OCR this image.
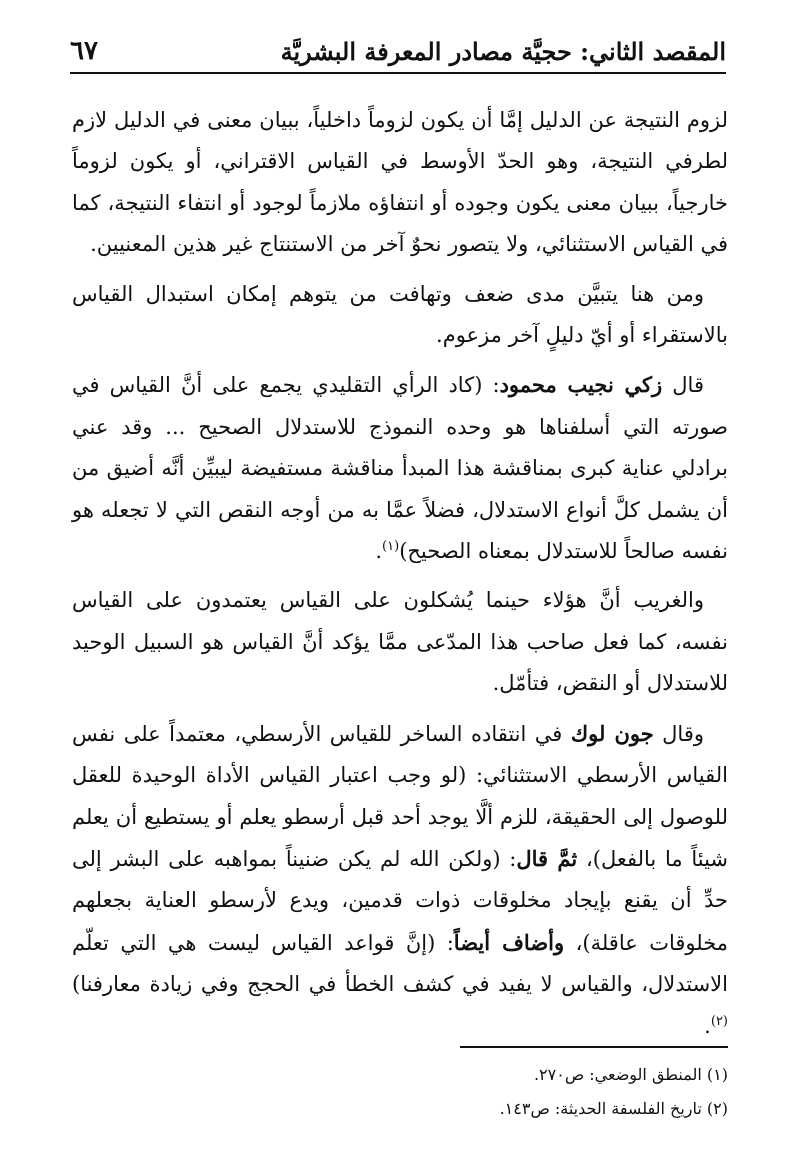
المقصد الثاني: حجيَّة مصادر المعرفة البشريَّة
٦٧

لزوم النتيجة عن الدليل إمَّا أن يكون لزوماً داخلياً، ببيان معنى في الدليل لازم لطرفي النتيجة، وهو الحدّ الأوسط في القياس الاقتراني، أو يكون لزوماً خارجياً، ببيان معنى يكون وجوده أو انتفاؤه ملازماً لوجود أو انتفاء النتيجة، كما في القياس الاستثنائي، ولا يتصور نحوٌ آخر من الاستنتاج غير هذين المعنيين.

ومن هنا يتبيَّن مدى ضعف وتهافت من يتوهم إمكان استبدال القياس بالاستقراء أو أيّ دليلٍ آخر مزعوم.

قال زكي نجيب محمود: (كاد الرأي التقليدي يجمع على أنَّ القياس في صورته التي أسلفناها هو وحده النموذج للاستدلال الصحيح ... وقد عني برادلي عناية كبرى بمناقشة هذا المبدأ مناقشة مستفيضة ليبيِّن أنَّه أضيق من أن يشمل كلَّ أنواع الاستدلال، فضلاً عمَّا به من أوجه النقص التي لا تجعله هو نفسه صالحاً للاستدلال بمعناه الصحيح)$^{(١)}$.

والغريب أنَّ هؤلاء حينما يُشكلون على القياس يعتمدون على القياس نفسه، كما فعل صاحب هذا المدّعى ممَّا يؤكد أنَّ القياس هو السبيل الوحيد للاستدلال أو النقض، فتأمّل.

وقال جون لوك في انتقاده الساخر للقياس الأرسطي، معتمداً على نفس القياس الأرسطي الاستثنائي: (لو وجب اعتبار القياس الأداة الوحيدة للعقل للوصول إلى الحقيقة، للزم ألَّا يوجد أحد قبل أرسطو يعلم أو يستطيع أن يعلم شيئاً ما بالفعل)، ثمَّ قال: (ولكن الله لم يكن ضنيناً بمواهبه على البشر إلى حدِّ أن يقنع بإيجاد مخلوقات ذوات قدمين، ويدع لأرسطو العناية بجعلهم مخلوقات عاقلة)، وأضاف أيضاً: (إنَّ قواعد القياس ليست هي التي تعلّم الاستدلال، والقياس لا يفيد في كشف الخطأ في الحجج وفي زيادة معارفنا)$^{(٢)}$.

(١) المنطق الوضعي: ص٢٧٠.
(٢) تاريخ الفلسفة الحديثة: ص١٤٣.
